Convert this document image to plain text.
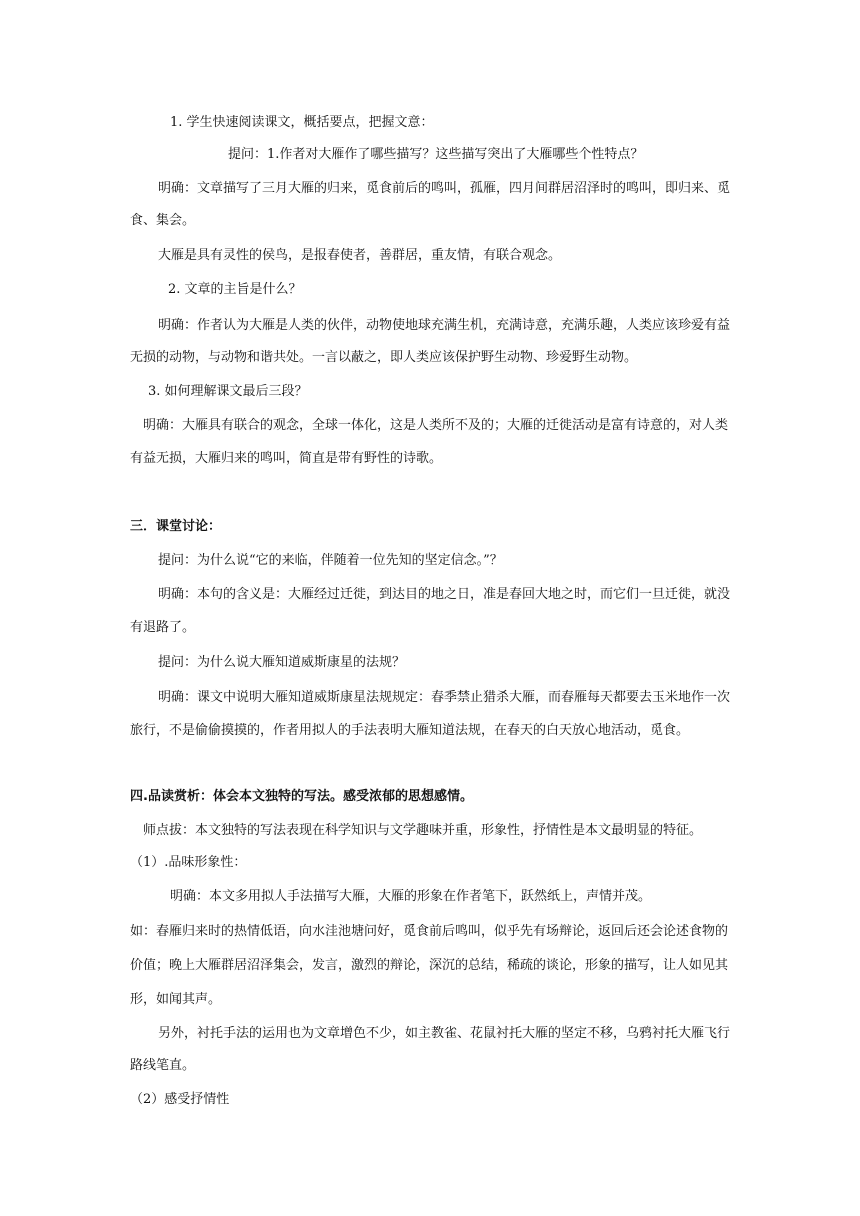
1. 学生快速阅读课文，概括要点，把握文意：
提问：1.作者对大雁作了哪些描写？这些描写突出了大雁哪些个性特点？
明确：文章描写了三月大雁的归来，觅食前后的鸣叫，孤雁，四月间群居沼泽时的鸣叫，即归来、觅
食、集会。
大雁是具有灵性的侯鸟，是报春使者，善群居，重友情，有联合观念。
2. 文章的主旨是什么？
明确：作者认为大雁是人类的伙伴，动物使地球充满生机，充满诗意，充满乐趣，人类应该珍爱有益
无损的动物，与动物和谐共处。一言以蔽之，即人类应该保护野生动物、珍爱野生动物。
3. 如何理解课文最后三段？
明确：大雁具有联合的观念，全球一体化，这是人类所不及的；大雁的迁徙活动是富有诗意的，对人类
有益无损，大雁归来的鸣叫，简直是带有野性的诗歌。
三．课堂讨论：
提问：为什么说“它的来临，伴随着一位先知的坚定信念。”？
明确：本句的含义是：大雁经过迁徙，到达目的地之日，准是春回大地之时，而它们一旦迁徙，就没
有退路了。
提问：为什么说大雁知道威斯康星的法规？
明确：课文中说明大雁知道威斯康星法规规定：春季禁止猎杀大雁，而春雁每天都要去玉米地作一次
旅行，不是偷偷摸摸的，作者用拟人的手法表明大雁知道法规，在春天的白天放心地活动，觅食。
四.品读赏析：体会本文独特的写法。感受浓郁的思想感情。
师点拔：本文独特的写法表现在科学知识与文学趣味并重，形象性，抒情性是本文最明显的特征。
（1）.品味形象性：
明确：本文多用拟人手法描写大雁，大雁的形象在作者笔下，跃然纸上，声情并茂。
如：春雁归来时的热情低语，向水洼池塘问好，觅食前后鸣叫，似乎先有场辩论，返回后还会论述食物的
价值；晚上大雁群居沼泽集会，发言，激烈的辩论，深沉的总结，稀疏的谈论，形象的描写，让人如见其
形，如闻其声。
另外，衬托手法的运用也为文章增色不少，如主教雀、花鼠衬托大雁的坚定不移，乌鸦衬托大雁飞行
路线笔直。
（2）感受抒情性
